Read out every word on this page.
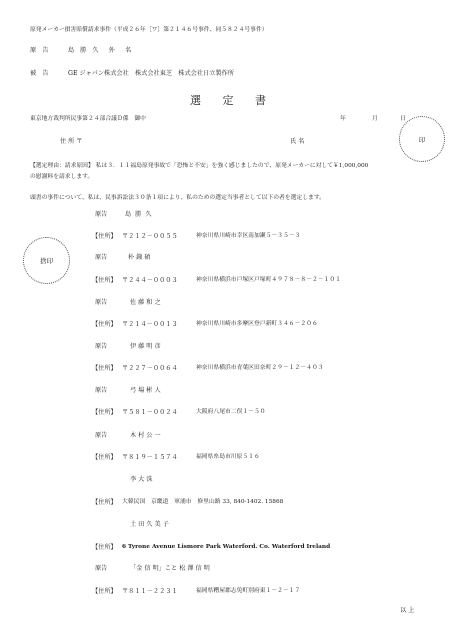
原発メーカー損害賠償請求事件（平成２６年［ワ］第２１４６号事件、同５８２４号事件）
原　告	島 勝 久　外　名
被　告	GE ジャパン株式会社　株式会社東芝　株式会社日立製作所
選 定 書
東京地方裁判所民事第２４部合議Ｄ係　御中	年	月	日
印
住 所 〒	氏 名
【選定理由：請求原因】 私は３．１１福島原発事故で「恐怖と不安」を強く感じましたので、原発メーカーに対して￥1,000,000
の慰謝料を請求します。
頭書の事件について、私は、民事訴訟法３０条１項により、私のための選定当事者として以下の者を選定します。
捨印
原告	島 勝 久
【住所】 〒２１２－００５５	神奈川県川崎市幸区南加瀬５－３５－３
原告	朴 鐘 碩
【住所】 〒２４４－０００３	神奈川県横浜市戸塚区戸塚町４９７８－８－２－１０１
原告	佐 藤 和 之
【住所】 〒２１４－００１３	神奈川県川崎市多摩区登戸新町３４６－２０６
原告	伊 藤 明 彦
【住所】 〒２２７－００６４	神奈川県横浜市青葉区田奈町２９－１２－４０３
原告	弓 場 彬 人
【住所】 〒５８１－００２４	大阪府八尾市二俣１－５０
原告	木 村 公 一
【住所】 〒８１９－１５７４	福岡県糸島市川原５１６
李 大 洙
【住所】 大韓民国　京畿道　軍浦市　修里山路 33, 840-1402. 15868
土 田 久 美 子
【住所】 6 Tyrone Avenue Lismore Park Waterford. Co. Waterford Ireland
原告	「金 信 明」こと 松 澤 信 明
【住所】 〒８１１－２２３１	福岡県糟屋郡志免町別府東１－２－１７
以 上
